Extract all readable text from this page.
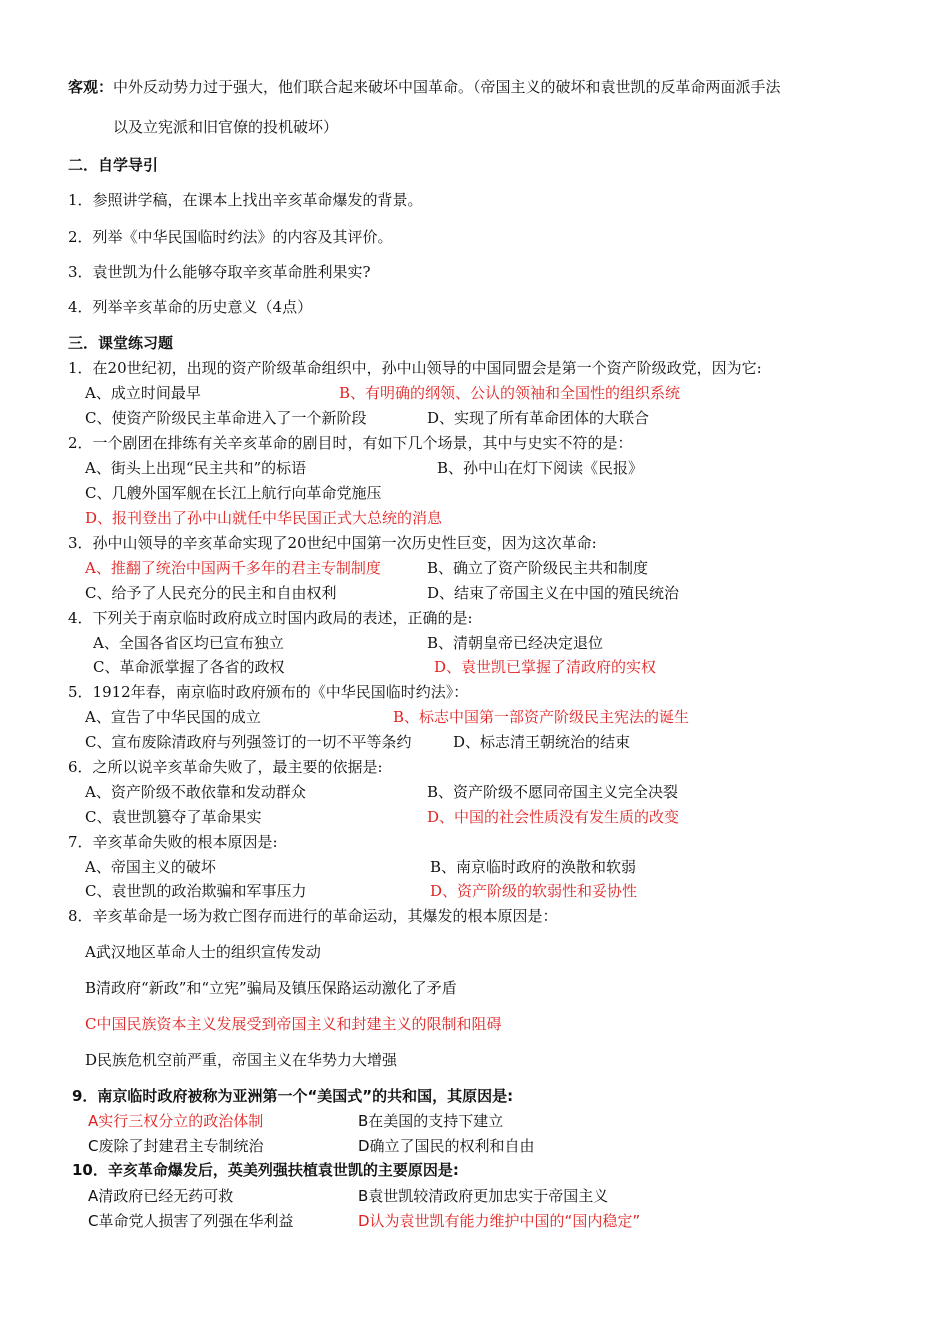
客观：中外反动势力过于强大，他们联合起来破坏中国革命。（帝国主义的破坏和袁世凯的反革命两面派手法
以及立宪派和旧官僚的投机破坏）
二．自学导引
1．参照讲学稿，在课本上找出辛亥革命爆发的背景。
2．列举《中华民国临时约法》的内容及其评价。
3．袁世凯为什么能够夺取辛亥革命胜利果实?
4．列举辛亥革命的历史意义（4点）
三．课堂练习题
1．在20世纪初，出现的资产阶级革命组织中，孙中山领导的中国同盟会是第一个资产阶级政党，因为它:
A、成立时间最早	B、有明确的纲领、公认的领袖和全国性的组织系统
C、使资产阶级民主革命进入了一个新阶段	D、实现了所有革命团体的大联合
2．一个剧团在排练有关辛亥革命的剧目时，有如下几个场景，其中与史实不符的是：
A、街头上出现“民主共和”的标语	B、孙中山在灯下阅读《民报》
C、几艘外国军舰在长江上航行向革命党施压
D、报刊登出了孙中山就任中华民国正式大总统的消息
3．孙中山领导的辛亥革命实现了20世纪中国第一次历史性巨变，因为这次革命:
A、推翻了统治中国两千多年的君主专制制度	B、确立了资产阶级民主共和制度
C、给予了人民充分的民主和自由权利	D、结束了帝国主义在中国的殖民统治
4．下列关于南京临时政府成立时国内政局的表述，正确的是:
A、全国各省区均已宣布独立	B、清朝皇帝已经决定退位
C、革命派掌握了各省的政权	D、袁世凯已掌握了清政府的实权
5．1912年春，南京临时政府颁布的《中华民国临时约法》：
A、宣告了中华民国的成立	B、标志中国第一部资产阶级民主宪法的诞生
C、宣布废除清政府与列强签订的一切不平等条约	D、标志清王朝统治的结束
6．之所以说辛亥革命失败了，最主要的依据是:
A、资产阶级不敢依靠和发动群众	B、资产阶级不愿同帝国主义完全决裂
C、袁世凯篡夺了革命果实	D、中国的社会性质没有发生质的改变
7．辛亥革命失败的根本原因是:
A、帝国主义的破坏	B、南京临时政府的涣散和软弱
C、袁世凯的政治欺骗和军事压力	D、资产阶级的软弱性和妥协性
8．辛亥革命是一场为救亡图存而进行的革命运动，其爆发的根本原因是：
A武汉地区革命人士的组织宣传发动
B清政府“新政”和“立宪”骗局及镇压保路运动激化了矛盾
C中国民族资本主义发展受到帝国主义和封建主义的限制和阻碍
D民族危机空前严重，帝国主义在华势力大增强
9．南京临时政府被称为亚洲第一个“美国式”的共和国，其原因是:
A实行三权分立的政治体制	B在美国的支持下建立
C废除了封建君主专制统治	D确立了国民的权利和自由
10．辛亥革命爆发后，英美列强扶植袁世凯的主要原因是:
A清政府已经无药可救	B袁世凯较清政府更加忠实于帝国主义
C革命党人损害了列强在华利益	D认为袁世凯有能力维护中国的“国内稳定”
